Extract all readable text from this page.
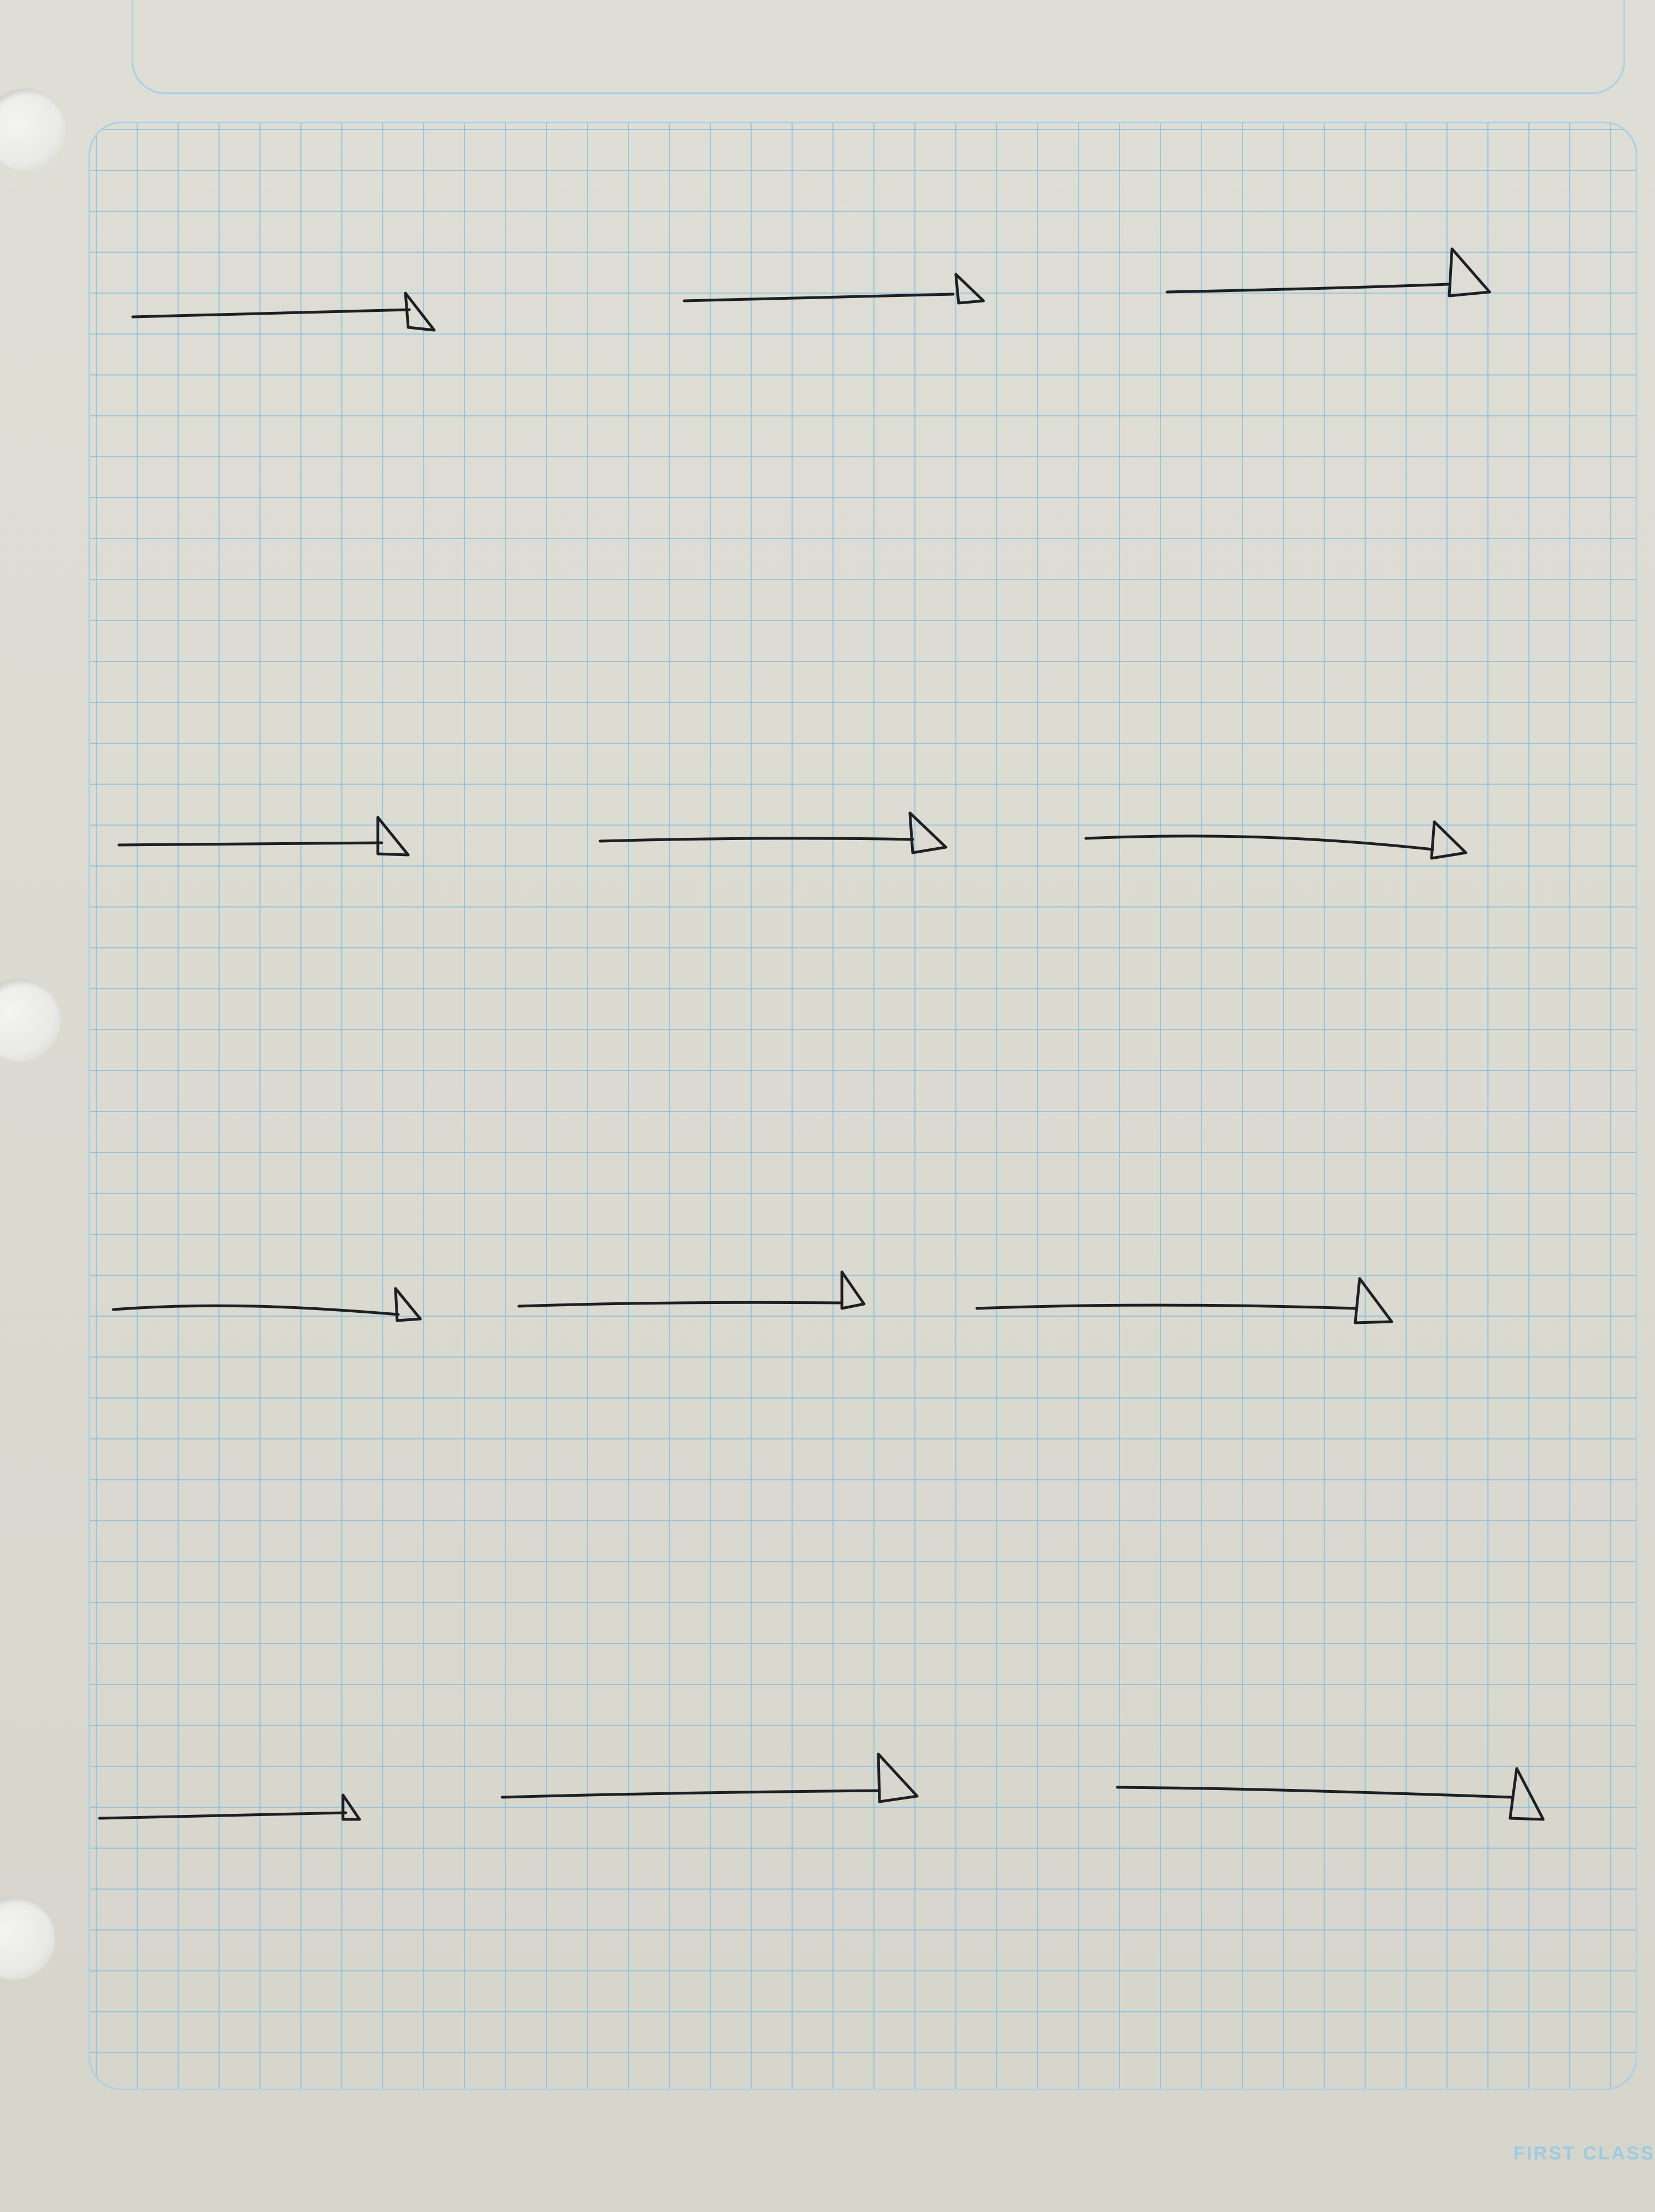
FIRST CLASS
